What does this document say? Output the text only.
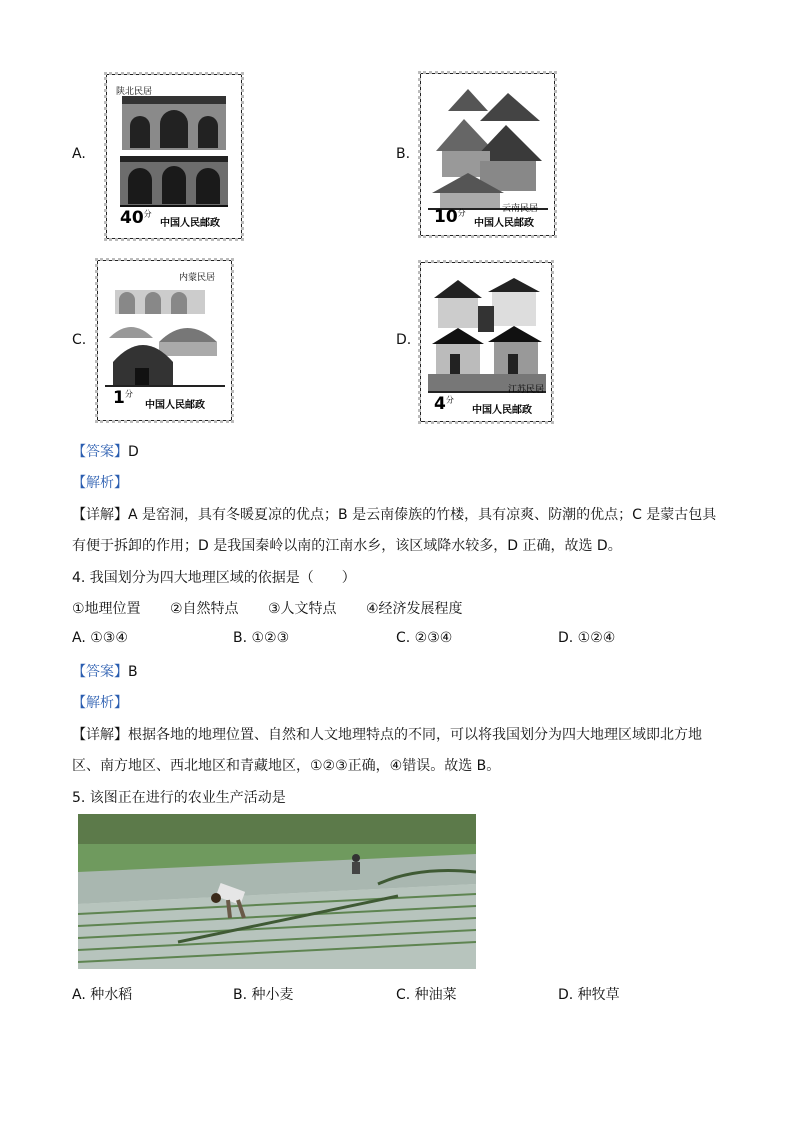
A.
陕北民居
$40^分$
中国人民邮政
B.
云南民居
$10^分$
中国人民邮政
C.
内蒙民居
$1^分$
中国人民邮政
D.
江苏民居
$4^分$
中国人民邮政
【答案】D
【解析】
【详解】A 是窑洞，具有冬暖夏凉的优点；B 是云南傣族的竹楼，具有凉爽、防潮的优点；C 是蒙古包具
有便于拆卸的作用；D 是我国秦岭以南的江南水乡，该区域降水较多，D 正确，故选 D。
4. 我国划分为四大地理区域的依据是（　　）
①地理位置 ②自然特点 ③人文特点 ④经济发展程度
A. ①③④	B. ①②③	C. ②③④	D. ①②④
【答案】B
【解析】
【详解】根据各地的地理位置、自然和人文地理特点的不同，可以将我国划分为四大地理区域即北方地
区、南方地区、西北地区和青藏地区，①②③正确，④错误。故选 B。
5. 该图正在进行的农业生产活动是
A. 种水稻	B. 种小麦	C. 种油菜	D. 种牧草
